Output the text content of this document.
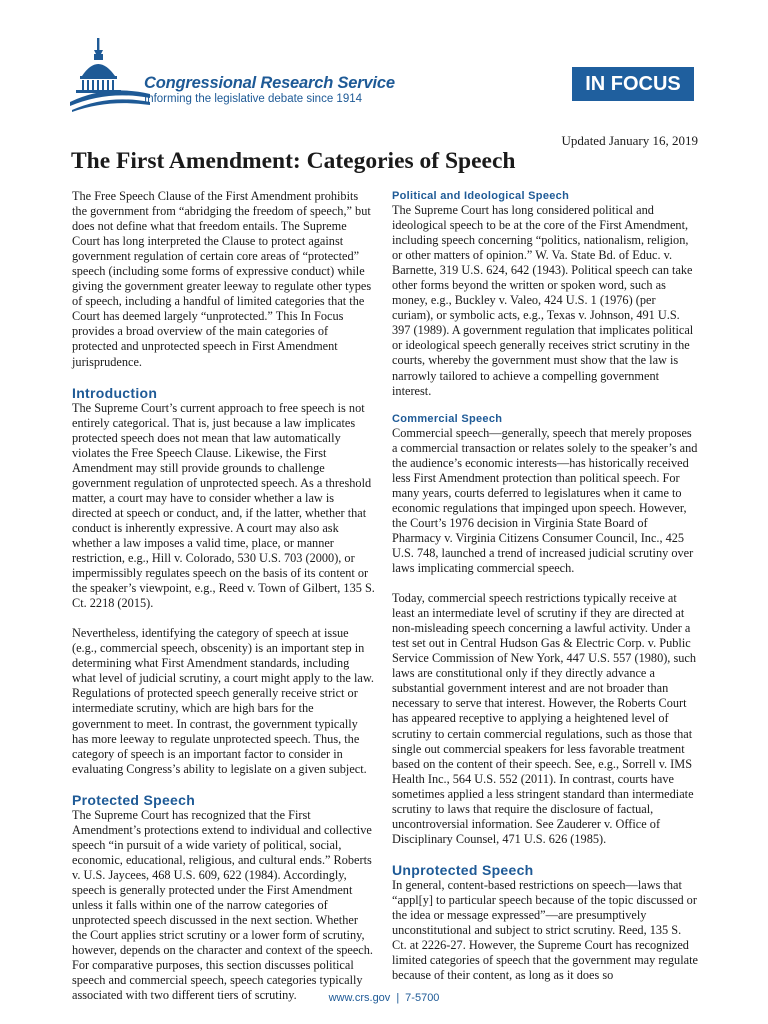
Congressional Research Service
Informing the legislative debate since 1914
IN FOCUS
Updated January 16, 2019
The First Amendment: Categories of Speech

The Free Speech Clause of the First Amendment prohibits the government from “abridging the freedom of speech,” but does not define what that freedom entails. The Supreme Court has long interpreted the Clause to protect against government regulation of certain core areas of “protected” speech (including some forms of expressive conduct) while giving the government greater leeway to regulate other types of speech, including a handful of limited categories that the Court has deemed largely “unprotected.” This In Focus provides a broad overview of the main categories of protected and unprotected speech in First Amendment jurisprudence.

Introduction

The Supreme Court’s current approach to free speech is not entirely categorical. That is, just because a law implicates protected speech does not mean that law automatically violates the Free Speech Clause. Likewise, the First Amendment may still provide grounds to challenge government regulation of unprotected speech. As a threshold matter, a court may have to consider whether a law is directed at speech or conduct, and, if the latter, whether that conduct is inherently expressive. A court may also ask whether a law imposes a valid time, place, or manner restriction, e.g., Hill v. Colorado, 530 U.S. 703 (2000), or impermissibly regulates speech on the basis of its content or the speaker’s viewpoint, e.g., Reed v. Town of Gilbert, 135 S. Ct. 2218 (2015).

Nevertheless, identifying the category of speech at issue (e.g., commercial speech, obscenity) is an important step in determining what First Amendment standards, including what level of judicial scrutiny, a court might apply to the law. Regulations of protected speech generally receive strict or intermediate scrutiny, which are high bars for the government to meet. In contrast, the government typically has more leeway to regulate unprotected speech. Thus, the category of speech is an important factor to consider in evaluating Congress’s ability to legislate on a given subject.

Protected Speech

The Supreme Court has recognized that the First Amendment’s protections extend to individual and collective speech “in pursuit of a wide variety of political, social, economic, educational, religious, and cultural ends.” Roberts v. U.S. Jaycees, 468 U.S. 609, 622 (1984). Accordingly, speech is generally protected under the First Amendment unless it falls within one of the narrow categories of unprotected speech discussed in the next section. Whether the Court applies strict scrutiny or a lower form of scrutiny, however, depends on the character and context of the speech. For comparative purposes, this section discusses political speech and commercial speech, speech categories typically associated with two different tiers of scrutiny.

Political and Ideological Speech

The Supreme Court has long considered political and ideological speech to be at the core of the First Amendment, including speech concerning “politics, nationalism, religion, or other matters of opinion.” W. Va. State Bd. of Educ. v. Barnette, 319 U.S. 624, 642 (1943). Political speech can take other forms beyond the written or spoken word, such as money, e.g., Buckley v. Valeo, 424 U.S. 1 (1976) (per curiam), or symbolic acts, e.g., Texas v. Johnson, 491 U.S. 397 (1989). A government regulation that implicates political or ideological speech generally receives strict scrutiny in the courts, whereby the government must show that the law is narrowly tailored to achieve a compelling government interest.

Commercial Speech

Commercial speech—generally, speech that merely proposes a commercial transaction or relates solely to the speaker’s and the audience’s economic interests—has historically received less First Amendment protection than political speech. For many years, courts deferred to legislatures when it came to economic regulations that impinged upon speech. However, the Court’s 1976 decision in Virginia State Board of Pharmacy v. Virginia Citizens Consumer Council, Inc., 425 U.S. 748, launched a trend of increased judicial scrutiny over laws implicating commercial speech.

Today, commercial speech restrictions typically receive at least an intermediate level of scrutiny if they are directed at non-misleading speech concerning a lawful activity. Under a test set out in Central Hudson Gas & Electric Corp. v. Public Service Commission of New York, 447 U.S. 557 (1980), such laws are constitutional only if they directly advance a substantial government interest and are not broader than necessary to serve that interest. However, the Roberts Court has appeared receptive to applying a heightened level of scrutiny to certain commercial regulations, such as those that single out commercial speakers for less favorable treatment based on the content of their speech. See, e.g., Sorrell v. IMS Health Inc., 564 U.S. 552 (2011). In contrast, courts have sometimes applied a less stringent standard than intermediate scrutiny to laws that require the disclosure of factual, uncontroversial information. See Zauderer v. Office of Disciplinary Counsel, 471 U.S. 626 (1985).

Unprotected Speech

In general, content-based restrictions on speech—laws that “appl[y] to particular speech because of the topic discussed or the idea or message expressed”—are presumptively unconstitutional and subject to strict scrutiny. Reed, 135 S. Ct. at 2226-27. However, the Supreme Court has recognized limited categories of speech that the government may regulate because of their content, as long as it does so

www.crs.gov | 7-5700
